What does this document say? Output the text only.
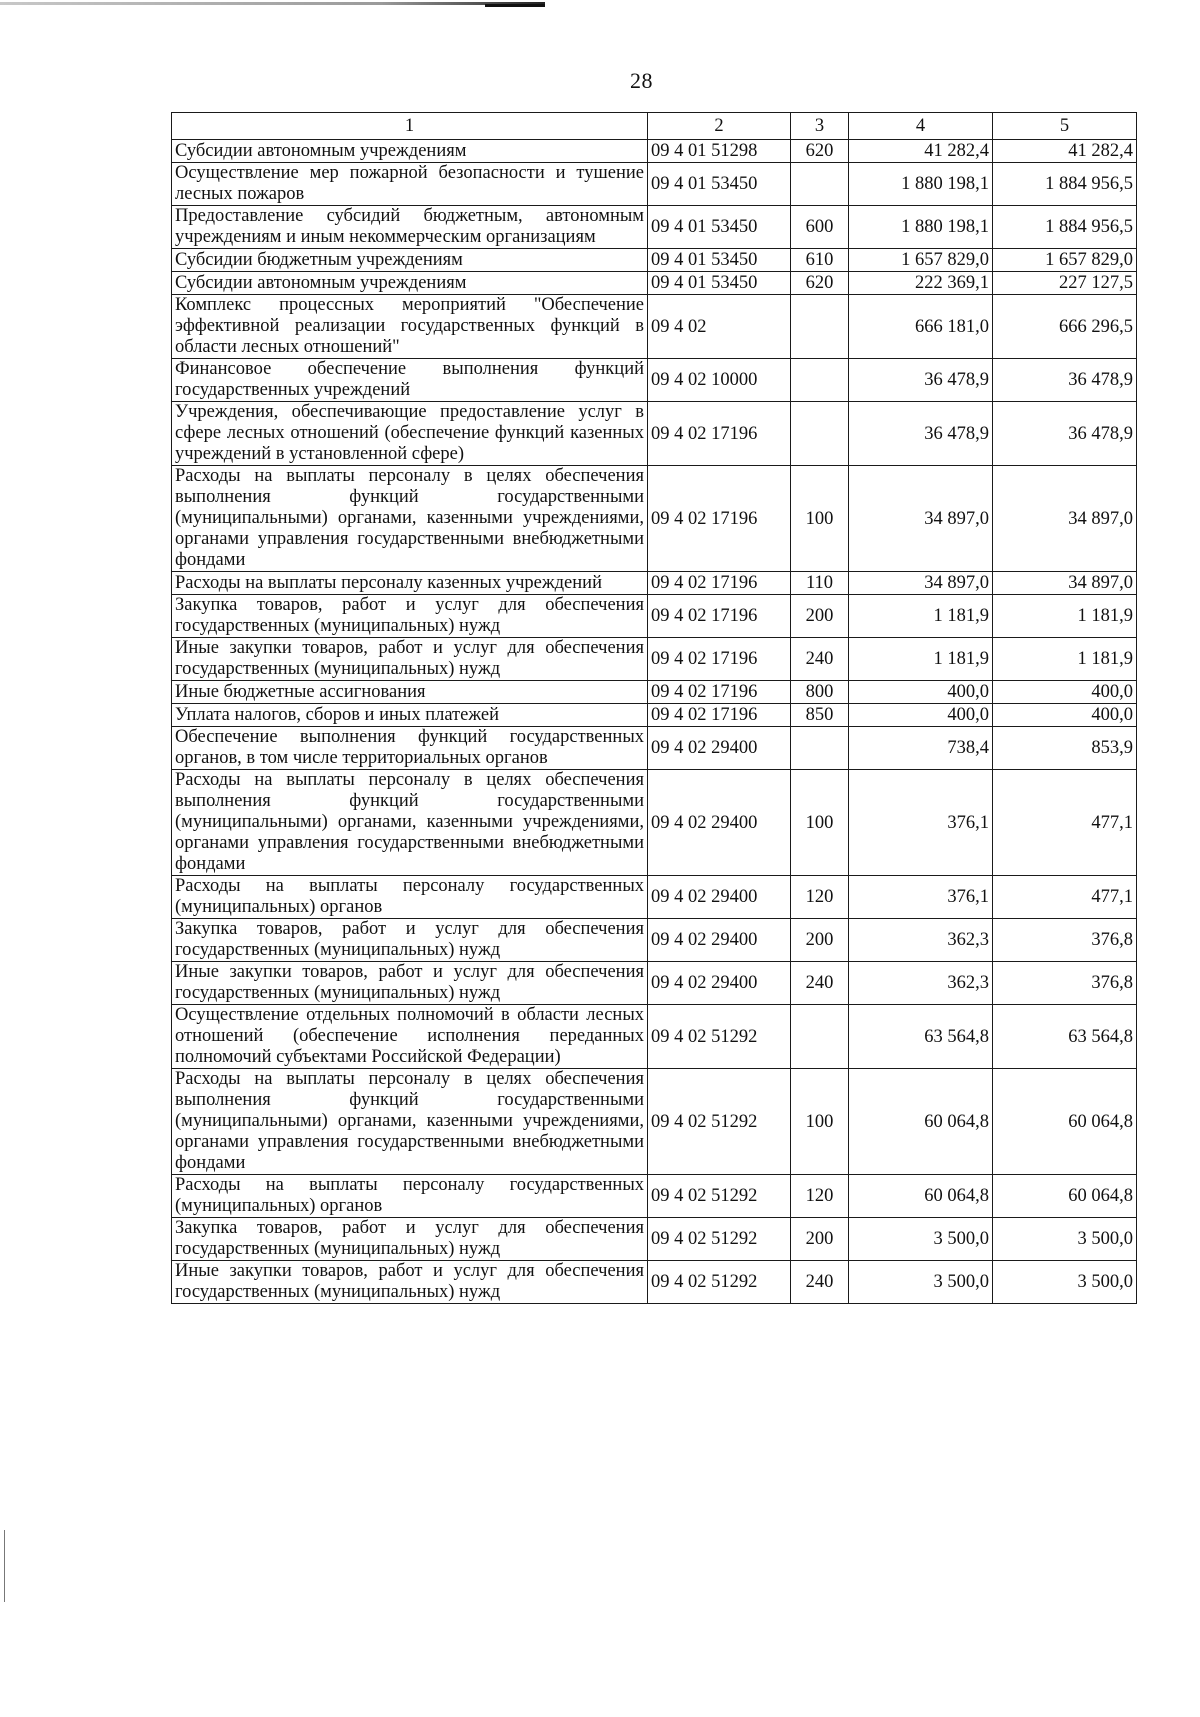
28
1	2	3	4	5
Субсидии автономным учреждениям	09 4 01 51298	620	41 282,4	41 282,4
Осуществление мер пожарной безопасности и тушение лесных пожаров	09 4 01 53450		1 880 198,1	1 884 956,5
Предоставление субсидий бюджетным, автономным учреждениям и иным некоммерческим организациям	09 4 01 53450	600	1 880 198,1	1 884 956,5
Субсидии бюджетным учреждениям	09 4 01 53450	610	1 657 829,0	1 657 829,0
Субсидии автономным учреждениям	09 4 01 53450	620	222 369,1	227 127,5
Комплекс процессных мероприятий "Обеспечение эффективной реализации государственных функций в области лесных отношений"	09 4 02		666 181,0	666 296,5
Финансовое обеспечение выполнения функций государственных учреждений	09 4 02 10000		36 478,9	36 478,9
Учреждения, обеспечивающие предоставление услуг в сфере лесных отношений (обеспечение функций казенных учреждений в установленной сфере)	09 4 02 17196		36 478,9	36 478,9
Расходы на выплаты персоналу в целях обеспечения выполнения функций государственными (муниципальными) органами, казенными учреждениями, органами управления государственными внебюджетными фондами	09 4 02 17196	100	34 897,0	34 897,0
Расходы на выплаты персоналу казенных учреждений	09 4 02 17196	110	34 897,0	34 897,0
Закупка товаров, работ и услуг для обеспечения государственных (муниципальных) нужд	09 4 02 17196	200	1 181,9	1 181,9
Иные закупки товаров, работ и услуг для обеспечения государственных (муниципальных) нужд	09 4 02 17196	240	1 181,9	1 181,9
Иные бюджетные ассигнования	09 4 02 17196	800	400,0	400,0
Уплата налогов, сборов и иных платежей	09 4 02 17196	850	400,0	400,0
Обеспечение выполнения функций государственных органов, в том числе территориальных органов	09 4 02 29400		738,4	853,9
Расходы на выплаты персоналу в целях обеспечения выполнения функций государственными (муниципальными) органами, казенными учреждениями, органами управления государственными внебюджетными фондами	09 4 02 29400	100	376,1	477,1
Расходы на выплаты персоналу государственных (муниципальных) органов	09 4 02 29400	120	376,1	477,1
Закупка товаров, работ и услуг для обеспечения государственных (муниципальных) нужд	09 4 02 29400	200	362,3	376,8
Иные закупки товаров, работ и услуг для обеспечения государственных (муниципальных) нужд	09 4 02 29400	240	362,3	376,8
Осуществление отдельных полномочий в области лесных отношений (обеспечение исполнения переданных полномочий субъектами Российской Федерации)	09 4 02 51292		63 564,8	63 564,8
Расходы на выплаты персоналу в целях обеспечения выполнения функций государственными (муниципальными) органами, казенными учреждениями, органами управления государственными внебюджетными фондами	09 4 02 51292	100	60 064,8	60 064,8
Расходы на выплаты персоналу государственных (муниципальных) органов	09 4 02 51292	120	60 064,8	60 064,8
Закупка товаров, работ и услуг для обеспечения государственных (муниципальных) нужд	09 4 02 51292	200	3 500,0	3 500,0
Иные закупки товаров, работ и услуг для обеспечения государственных (муниципальных) нужд	09 4 02 51292	240	3 500,0	3 500,0
